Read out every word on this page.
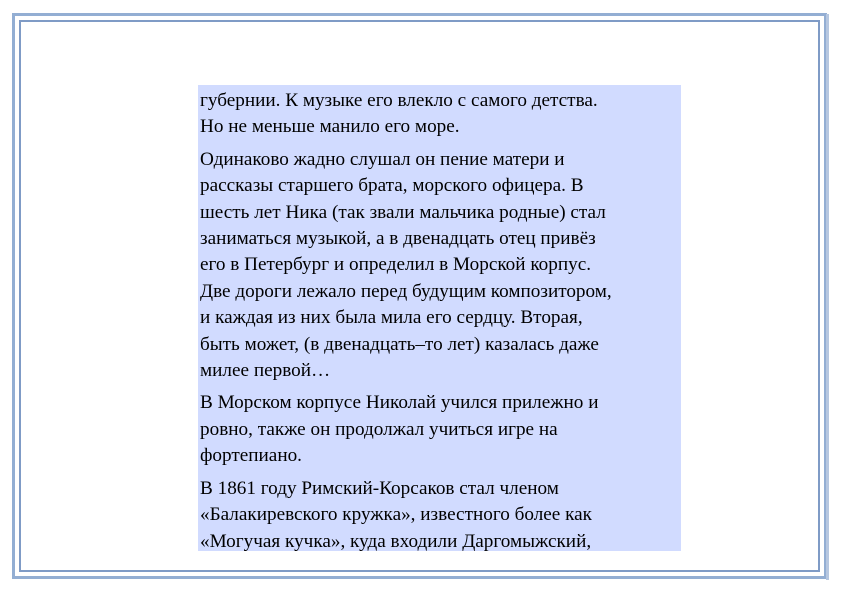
губернии. К музыке его влекло с самого детства.
Но не меньше манило его море.

Одинаково жадно слушал он пение матери и
рассказы старшего брата, морского офицера. В
шесть лет Ника (так звали мальчика родные) стал
заниматься музыкой, а в двенадцать отец привёз
его в Петербург и определил в Морской корпус.
Две дороги лежало перед будущим композитором,
и каждая из них была мила его сердцу. Вторая,
быть может, (в двенадцать–то лет) казалась даже
милее первой…

В Морском корпусе Николай учился прилежно и
ровно, также он продолжал учиться игре на
фортепиано.

В 1861 году Римский-Корсаков стал членом
«Балакиревского кружка», известного более как
«Могучая кучка», куда входили Даргомыжский,
